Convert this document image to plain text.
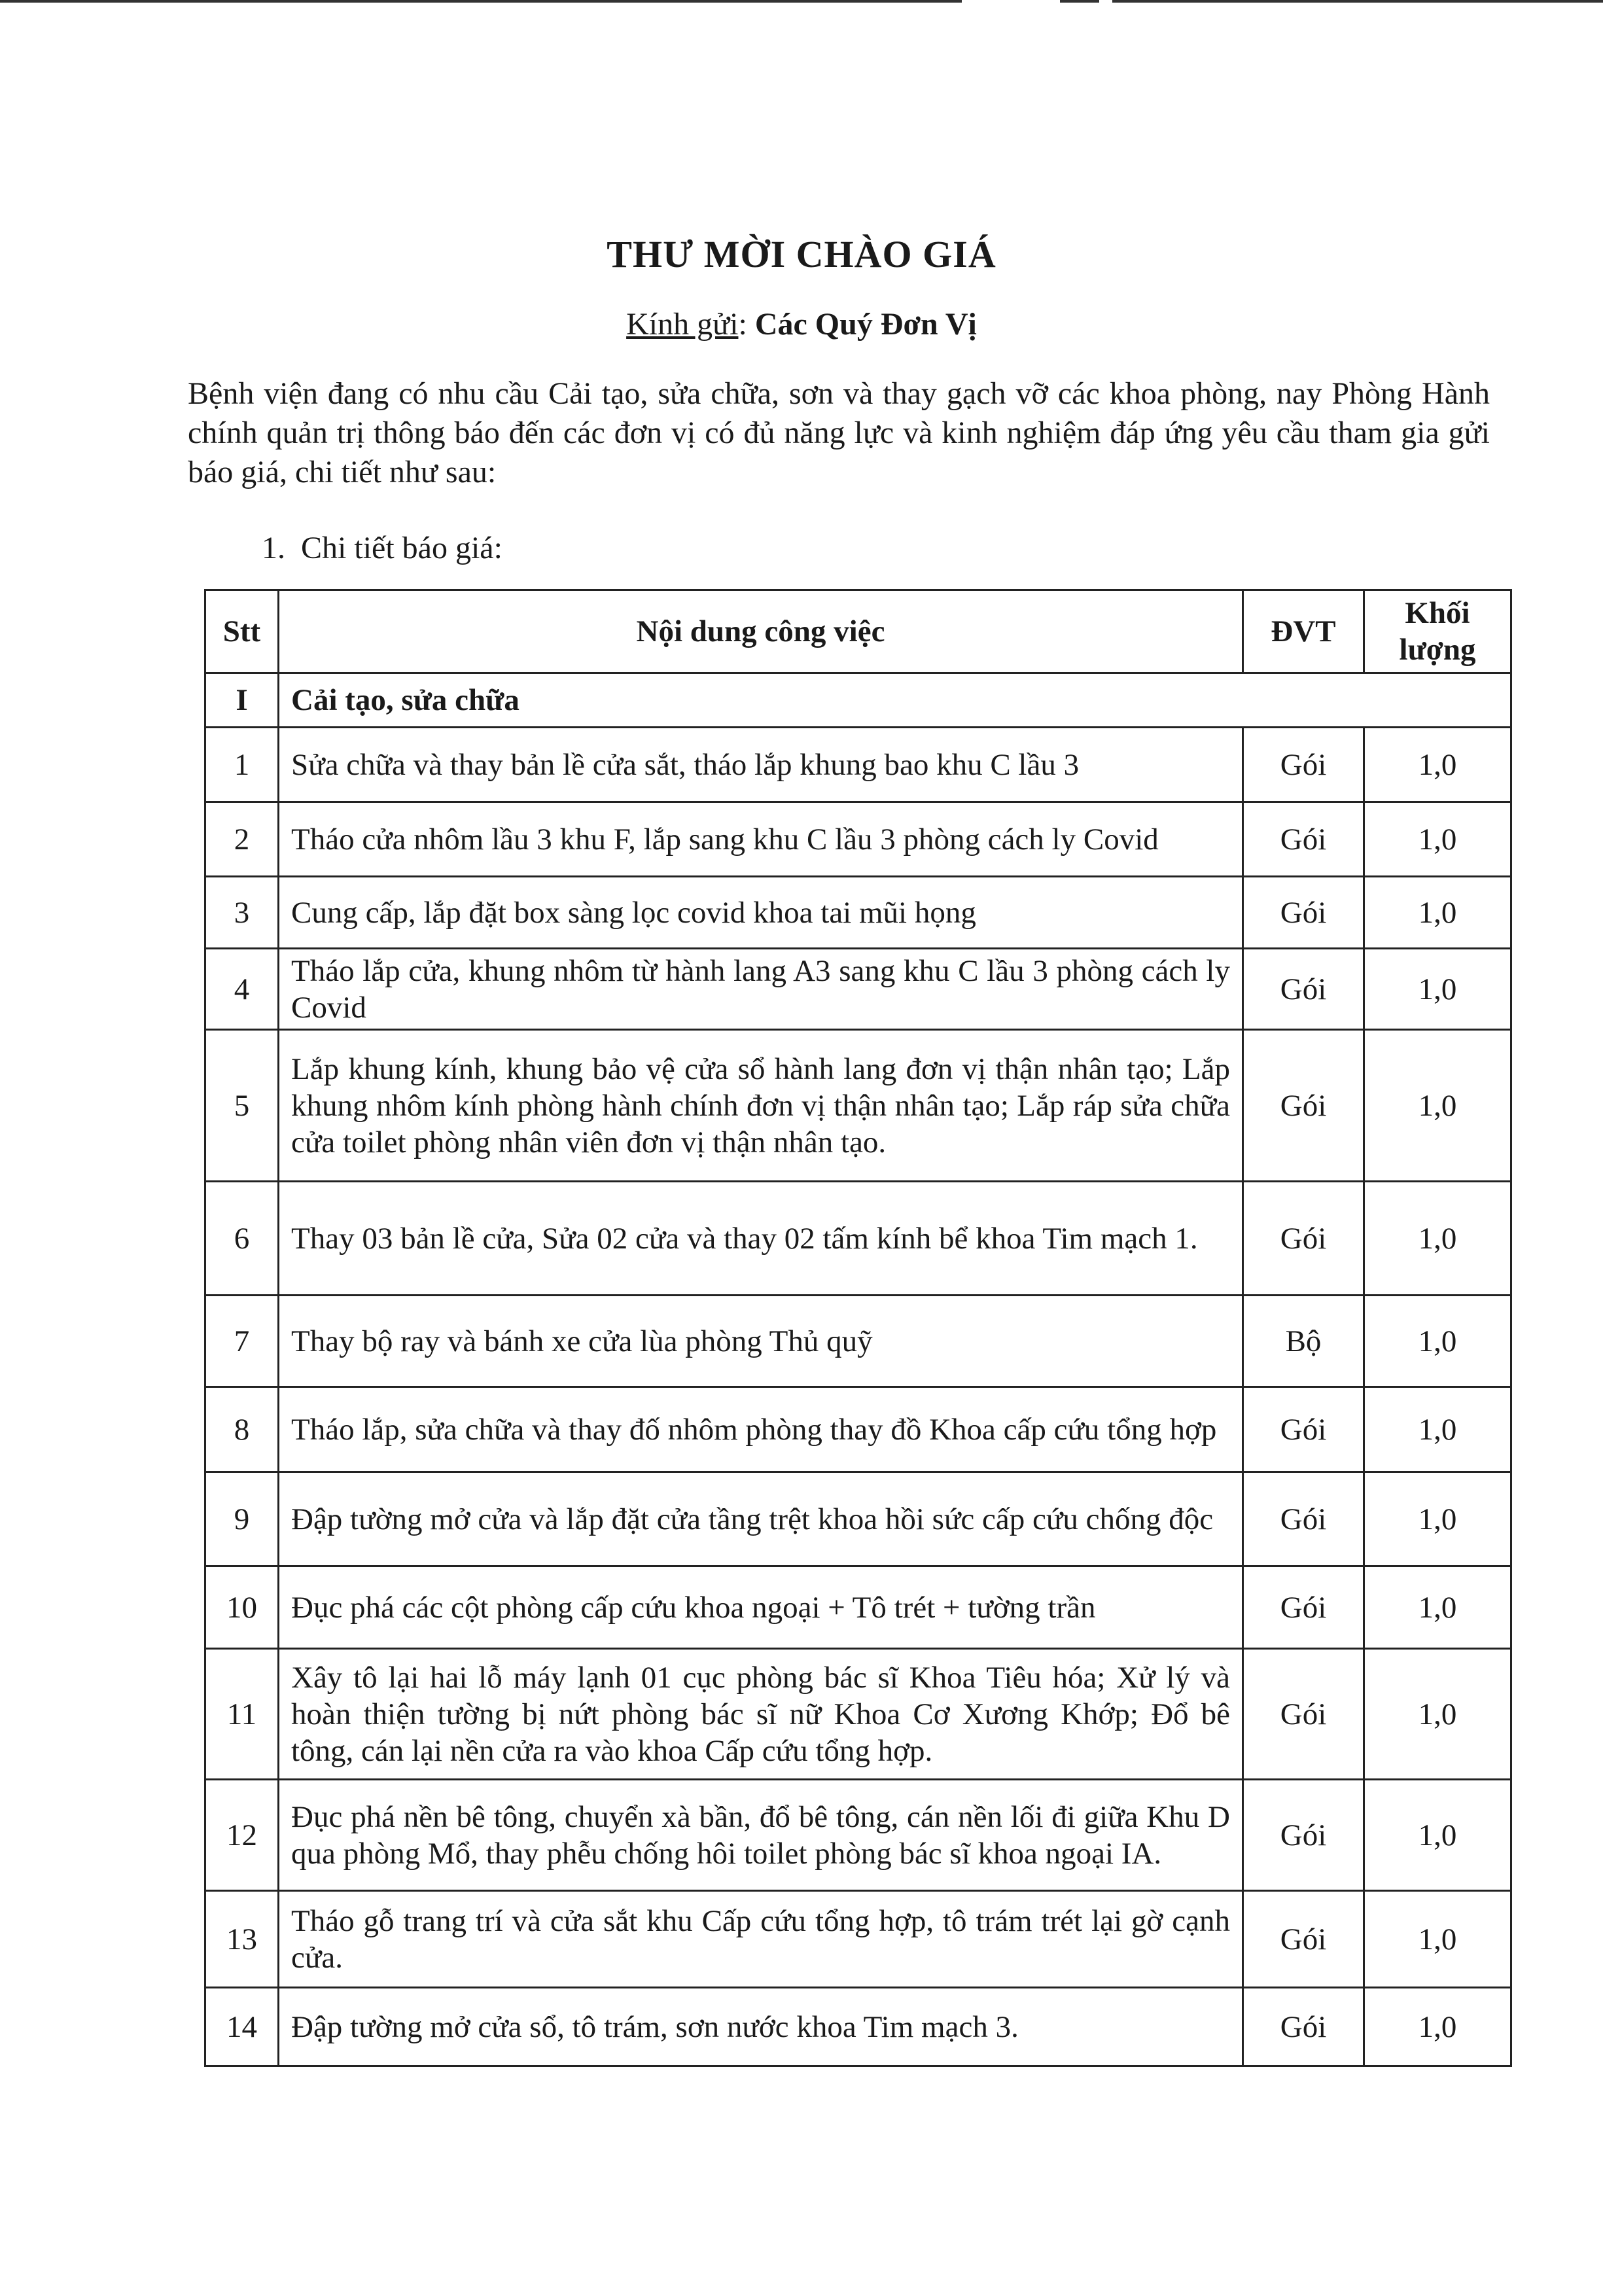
THƯ MỜI CHÀO GIÁ
Kính gửi: Các Quý Đơn Vị
Bệnh viện đang có nhu cầu Cải tạo, sửa chữa, sơn và thay gạch vỡ các khoa phòng, nay Phòng Hành chính quản trị thông báo đến các đơn vị có đủ năng lực và kinh nghiệm đáp ứng yêu cầu tham gia gửi báo giá, chi tiết như sau:
1. Chi tiết báo giá:
Stt	Nội dung công việc	ĐVT	Khối lượng
I	Cải tạo, sửa chữa		
1	Sửa chữa và thay bản lề cửa sắt, tháo lắp khung bao khu C lầu 3	Gói	1,0
2	Tháo cửa nhôm lầu 3 khu F, lắp sang khu C lầu 3 phòng cách ly Covid	Gói	1,0
3	Cung cấp, lắp đặt box sàng lọc covid khoa tai mũi họng	Gói	1,0
4	Tháo lắp cửa, khung nhôm từ hành lang A3 sang khu C lầu 3 phòng cách ly Covid	Gói	1,0
5	Lắp khung kính, khung bảo vệ cửa sổ hành lang đơn vị thận nhân tạo; Lắp khung nhôm kính phòng hành chính đơn vị thận nhân tạo; Lắp ráp sửa chữa cửa toilet phòng nhân viên đơn vị thận nhân tạo.	Gói	1,0
6	Thay 03 bản lề cửa, Sửa 02 cửa và thay 02 tấm kính bể khoa Tim mạch 1.	Gói	1,0
7	Thay bộ ray và bánh xe cửa lùa phòng Thủ quỹ	Bộ	1,0
8	Tháo lắp, sửa chữa và thay đố nhôm phòng thay đồ Khoa cấp cứu tổng hợp	Gói	1,0
9	Đập tường mở cửa và lắp đặt cửa tầng trệt khoa hồi sức cấp cứu chống độc	Gói	1,0
10	Đục phá các cột phòng cấp cứu khoa ngoại + Tô trét + tường trần	Gói	1,0
11	Xây tô lại hai lỗ máy lạnh 01 cục phòng bác sĩ Khoa Tiêu hóa; Xử lý và hoàn thiện tường bị nứt phòng bác sĩ nữ Khoa Cơ Xương Khớp; Đổ bê tông, cán lại nền cửa ra vào khoa Cấp cứu tổng hợp.	Gói	1,0
12	Đục phá nền bê tông, chuyển xà bần, đổ bê tông, cán nền lối đi giữa Khu D qua phòng Mổ, thay phễu chống hôi toilet phòng bác sĩ khoa ngoại IA.	Gói	1,0
13	Tháo gỗ trang trí và cửa sắt khu Cấp cứu tổng hợp, tô trám trét lại gờ cạnh cửa.	Gói	1,0
14	Đập tường mở cửa sổ, tô trám, sơn nước khoa Tim mạch 3.	Gói	1,0
